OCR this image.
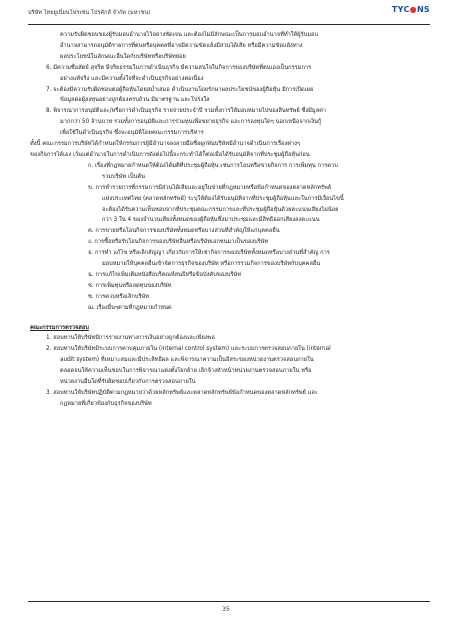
บริษัท ไทยยูเนี่ยนโฟรเซ่น โปรดักส์ จำกัด (มหาชน)	TYC●NS

ความรับผิดชอบของผู้รับมอบอำนาจไว้อย่างชัดเจน และต้องไม่มีลักษณะเป็นการมอบอำนาจที่ทำให้ผู้รับมอบ

อำนาจสามารถอนุมัติรายการที่ตนหรือบุคคลที่อาจมีความขัดแย้งมีส่วนได้เสีย หรือมีความขัดแย้งทาง

ผลประโยชน์ในลักษณะอื่นใดกับบริษัทหรือบริษัทย่อย

6. มีความซื่อสัตย์ สุจริต มีจริยธรรมในการดำเนินธุรกิจ มีความสนใจในกิจการของบริษัทที่ตนเองเป็นกรรมการ

อย่างแท้จริง และมีความตั้งใจที่จะดำเนินธุรกิจอย่างต่อเนื่อง

7. จะต้องมีความรับผิดชอบต่อผู้ถือหุ้นโดยสม่ำเสมอ ดำเนินงานโดยรักษาผลประโยชน์ของผู้ถือหุ้น มีการเปิดเผย

ข้อมูลต่อผู้ลงทุนอย่างถูกต้องครบถ้วน มีมาตรฐาน และโปร่งใส

8. พิจารณาการอนุมัติและ/หรือการดำเนินธุรกิจ รายจ่ายประจำปี รวมทั้งการให้มอบหมายไปของสินทรัพย์ ซึ่งมีมูลค่า

มากกว่า 50 ล้านบาท รวมทั้งการอนุมัติและการร่วมทุนเพื่อขยายธุรกิจ และการลงทุนใดๆ นอกเหนือจากเงินกู้

เพื่อใช้ในดำเนินธุรกิจ ซึ่งจะอนุมัติโดยคณะกรรมการบริหาร

ทั้งนี้ คณะกรรมการบริษัทได้กำหนดให้กรรมการผู้มีอำนาจลงลายมือชื่อผูกพันบริษัทมีอำนาจดำเนินการเรื่องต่างๆ

ของกิจการได้เอง เว้นแต่อำนาจในการดำเนินการดังต่อไปนี้จะกระทำได้ก็ต่อเมื่อได้รับอนุมัติจากที่ประชุมผู้ถือหุ้นก่อน

ก. เรื่องที่กฎหมายกำหนดให้ต้องได้มติที่ประชุมผู้ถือหุ้น เช่นการโอนหรือขายกิจการ การเพิ่มทุน การควบ

รวมบริษัท เป็นต้น

ข. การทำรายการที่กรรมการมีส่วนได้เสียและอยู่ในข่ายที่กฎหมายหรือข้อกำหนดของตลาดหลักทรัพย์

แห่งประเทศไทย (ตลาดหลักทรัพย์) ระบุให้ต้องได้รับอนุมัติจากที่ประชุมผู้ถือหุ้นและในการมีเงื่อนไขนี้

จะต้องได้รับความเห็นชอบจากที่ประชุมคณะกรรมการและที่ประชุมผู้ถือหุ้นด้วยคะแนนเสียงไม่น้อย

กว่า 3 ใน 4 ของจำนวนเสียงทั้งหมดของผู้ถือหุ้นซึ่งมาประชุมและมีสิทธิออกเสียงลงคะแนน

ค. การขายหรือโอนกิจการของบริษัททั้งหมดหรือบางส่วนที่สำคัญให้แก่บุคคลอื่น

ง. การซื้อหรือรับโอนกิจการของบริษัทอื่นหรือบริษัทเอกชนมาเป็นของบริษัท

จ. การทำ แก้ไข หรือเลิกสัญญา เกี่ยวกับการให้เช่ากิจการของบริษัททั้งหมดหรือบางส่วนที่สำคัญ การ

มอบหมายให้บุคคลอื่นเข้าจัดการธุรกิจของบริษัท หรือการรวมกิจการของบริษัทกับบุคคลอื่น

ฉ. การแก้ไขเพิ่มเติมหนังสือบริคณห์สนธิหรือข้อบังคับของบริษัท

ช. การเพิ่มทุนหรือลดทุนของบริษัท

ซ. การควบหรือเลิกบริษัท

ฌ. เรื่องอื่นๆตามที่กฎหมายกำหนด

คณะกรรมการตรวจสอบ

1. สอบทานให้บริษัทมีการรายงานทางการเงินอย่างถูกต้องและเพียงพอ

2. สอบทานให้บริษัทมีระบบการควบคุมภายใน (internal control system) และระบบการตรวจสอบภายใน (internal

audit system) ที่เหมาะสมและมีประสิทธิผล และพิจารณาความเป็นอิสระของหน่วยงานตรวจสอบภายใน

ตลอดจนให้ความเห็นชอบในการพิจารณาแต่งตั้งโยกย้าย เลิกจ้างหัวหน้าหน่วยงานตรวจสอบภายใน หรือ

หน่วยงานอื่นใดที่รับผิดชอบเกี่ยวกับการตรวจสอบภายใน

3. สอบทานให้บริษัทปฏิบัติตามกฎหมายว่าด้วยหลักทรัพย์และตลาดหลักทรัพย์ข้อกำหนดของตลาดหลักทรัพย์ และ

กฎหมายที่เกี่ยวข้องกับธุรกิจของบริษัท

35
